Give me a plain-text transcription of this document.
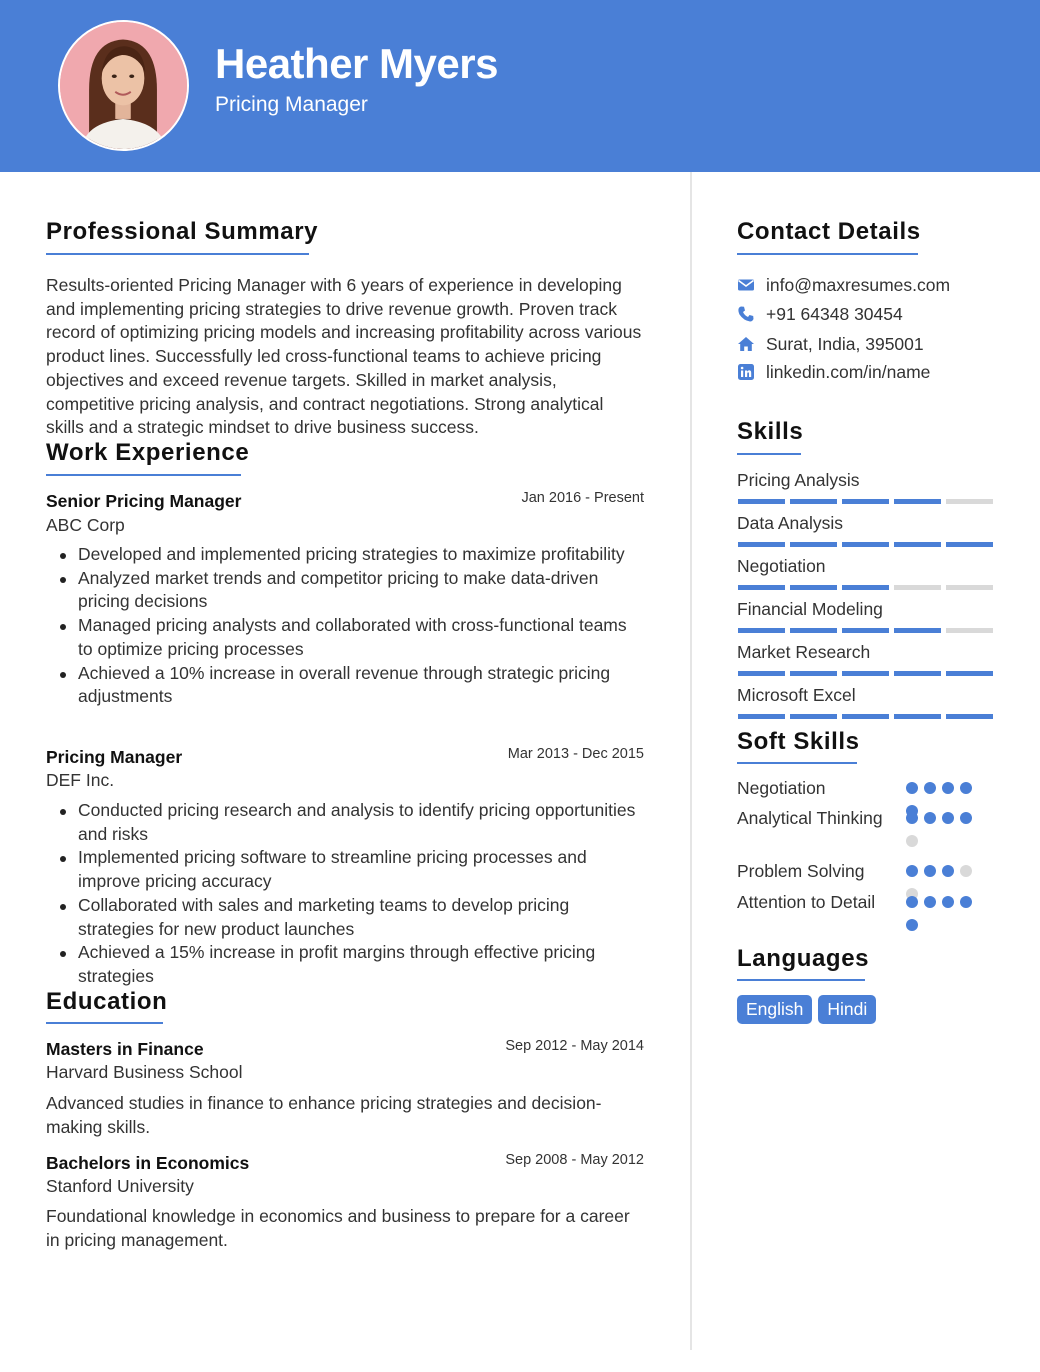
Heather Myers
Pricing Manager
Professional Summary
Results-oriented Pricing Manager with 6 years of experience in developing and implementing pricing strategies to drive revenue growth. Proven track record of optimizing pricing models and increasing profitability across various product lines. Successfully led cross-functional teams to achieve pricing objectives and exceed revenue targets. Skilled in market analysis, competitive pricing analysis, and contract negotiations. Strong analytical skills and a strategic mindset to drive business success.
Work Experience
Senior Pricing Manager	Jan 2016 - Present
ABC Corp
Developed and implemented pricing strategies to maximize profitability
Analyzed market trends and competitor pricing to make data-driven pricing decisions
Managed pricing analysts and collaborated with cross-functional teams to optimize pricing processes
Achieved a 10% increase in overall revenue through strategic pricing adjustments
Pricing Manager	Mar 2013 - Dec 2015
DEF Inc.
Conducted pricing research and analysis to identify pricing opportunities and risks
Implemented pricing software to streamline pricing processes and improve pricing accuracy
Collaborated with sales and marketing teams to develop pricing strategies for new product launches
Achieved a 15% increase in profit margins through effective pricing strategies
Education
Masters in Finance	Sep 2012 - May 2014
Harvard Business School
Advanced studies in finance to enhance pricing strategies and decision-making skills.
Bachelors in Economics	Sep 2008 - May 2012
Stanford University
Foundational knowledge in economics and business to prepare for a career in pricing management.
Contact Details
info@maxresumes.com
+91 64348 30454
Surat, India, 395001
linkedin.com/in/name
Skills
Pricing Analysis
Data Analysis
Negotiation
Financial Modeling
Market Research
Microsoft Excel
Soft Skills
Negotiation
Analytical Thinking
Problem Solving
Attention to Detail
Languages
English	Hindi
